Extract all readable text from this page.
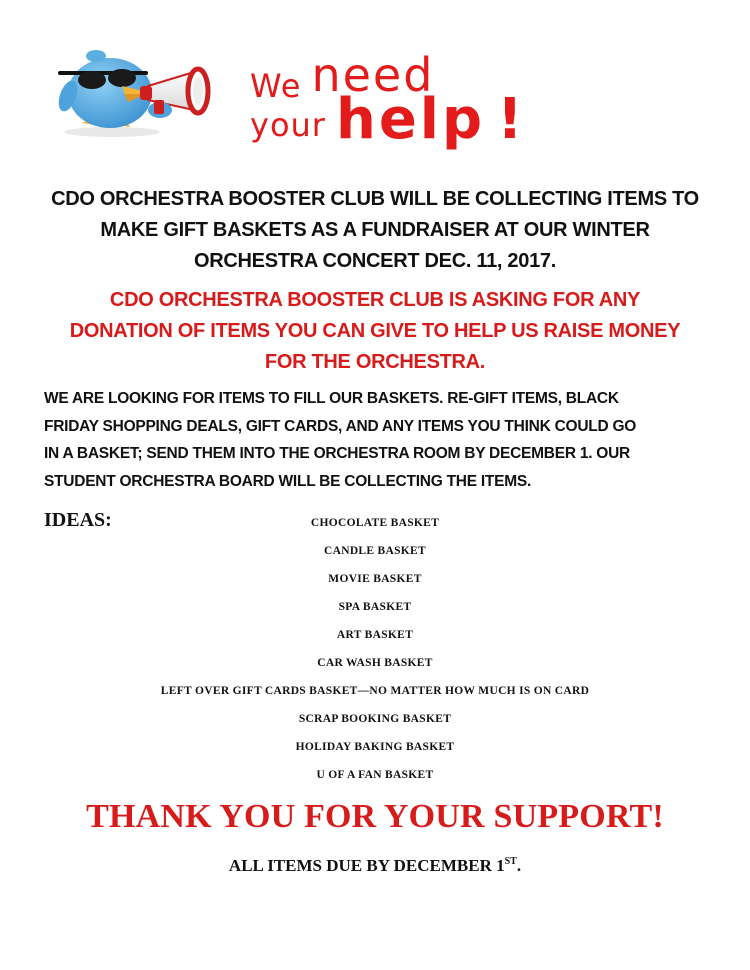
We need
your help !
CDO ORCHESTRA BOOSTER CLUB WILL BE COLLECTING ITEMS TO
MAKE GIFT BASKETS AS A FUNDRAISER AT OUR WINTER
ORCHESTRA CONCERT DEC. 11, 2017.
CDO ORCHESTRA BOOSTER CLUB IS ASKING FOR ANY
DONATION OF ITEMS YOU CAN GIVE TO HELP US RAISE MONEY
FOR THE ORCHESTRA.
WE ARE LOOKING FOR ITEMS TO FILL OUR BASKETS. RE-GIFT ITEMS, BLACK
FRIDAY SHOPPING DEALS, GIFT CARDS, AND ANY ITEMS YOU THINK COULD GO
IN A BASKET; SEND THEM INTO THE ORCHESTRA ROOM BY DECEMBER 1. OUR
STUDENT ORCHESTRA BOARD WILL BE COLLECTING THE ITEMS.
IDEAS:	CHOCOLATE BASKET
CANDLE BASKET
MOVIE BASKET
SPA BASKET
ART BASKET
CAR WASH BASKET
LEFT OVER GIFT CARDS BASKET—NO MATTER HOW MUCH IS ON CARD
SCRAP BOOKING BASKET
HOLIDAY BAKING BASKET
U OF A FAN BASKET
THANK YOU FOR YOUR SUPPORT!
ALL ITEMS DUE BY DECEMBER 1ST.
